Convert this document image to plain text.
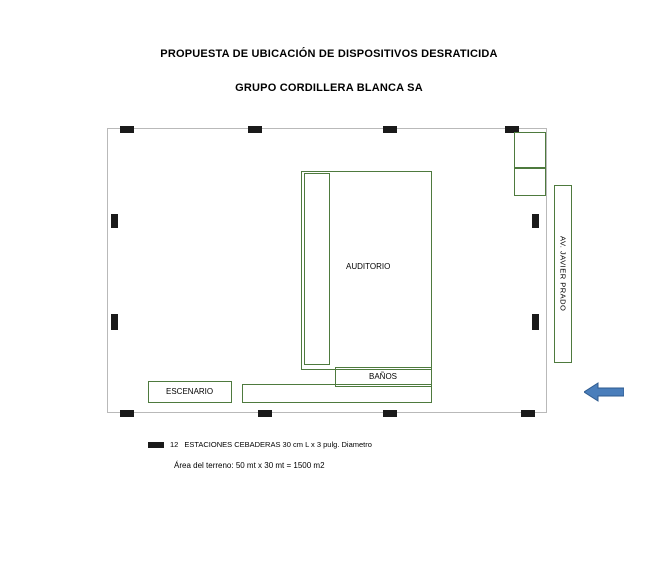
PROPUESTA DE UBICACIÓN DE DISPOSITIVOS DESRATICIDA
GRUPO CORDILLERA BLANCA SA
AUDITORIO
BAÑOS
ESCENARIO
AV. JAVIER PRADO
12 ESTACIONES CEBADERAS 30 cm L x 3 pulg. Diametro
Área del terreno: 50 mt x 30 mt = 1500 m2
